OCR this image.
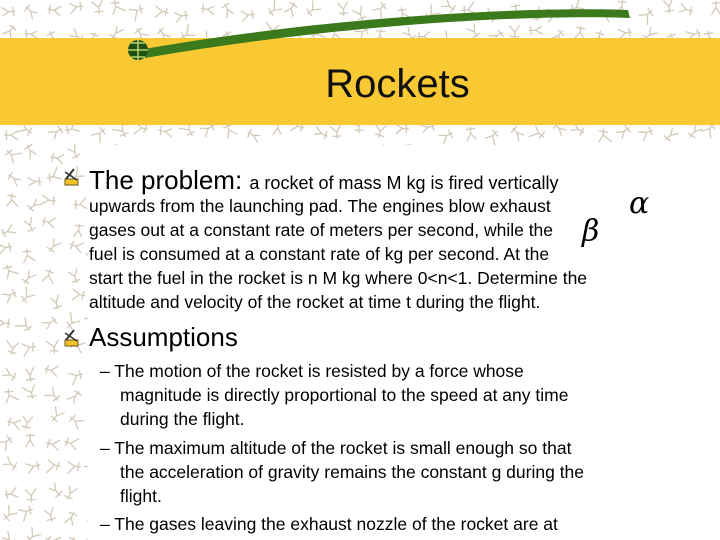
Rockets
The problem: a rocket of mass M kg is fired vertically
upwards from the launching pad. The engines blow exhaust
gases out at a constant rate of meters per second, while the
fuel is consumed at a constant rate of kg per second. At the
start the fuel in the rocket is n M kg where 0<n<1. Determine the
altitude and velocity of the rocket at time t during the flight.
α
β
Assumptions
– The motion of the rocket is resisted by a force whose
magnitude is directly proportional to the speed at any time
during the flight.
– The maximum altitude of the rocket is small enough so that
the acceleration of gravity remains the constant g during the
flight.
– The gases leaving the exhaust nozzle of the rocket are at
